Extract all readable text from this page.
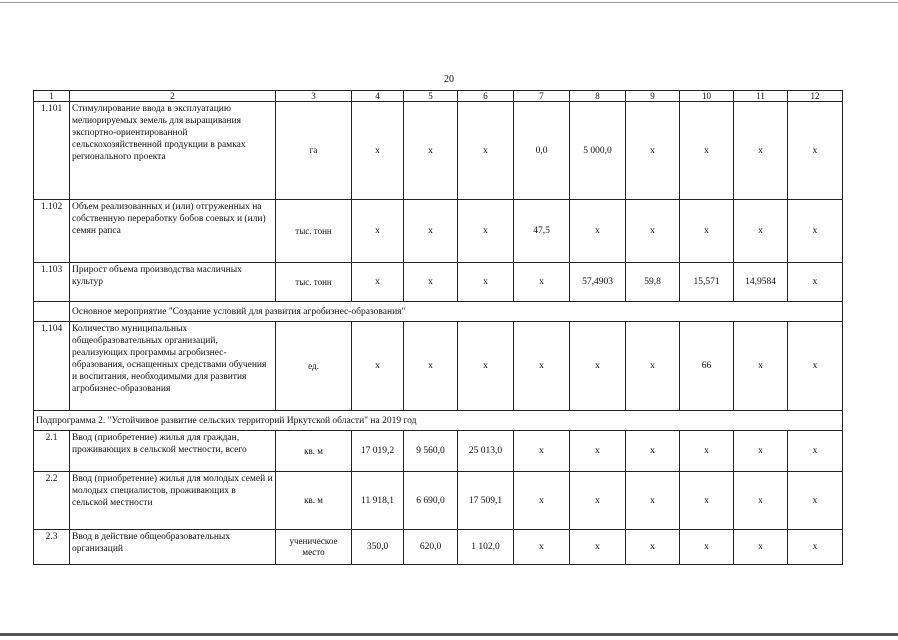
20
1	2	3	4	5	6	7	8	9	10	11	12
1.101	Стимулирование ввода в эксплуатацию мелиорируемых земель для выращивания экспортно-ориентированной сельскохозяйственной продукции в рамках регионального проекта	га	x	x	x	0,0	5 000,0	x	x	x	x
1.102	Объем реализованных и (или) отгруженных на собственную переработку бобов соевых и (или) семян рапса	тыс. тонн	x	x	x	47,5	x	x	x	x	x
1.103	Прирост объема производства масличных культур	тыс. тонн	x	x	x	x	57,4903	59,8	15,571	14,9584	x
	Основное мероприятие "Создание условий для развития агробизнес-образования"										
1.104	Количество муниципальных общеобразовательных организаций, реализующих программы агробизнес-образования, оснащенных средствами обучения и воспитания, необходимыми для развития агробизнес-образования	ед.	x	x	x	x	x	x	66	x	x
Подпрограмма 2. "Устойчивое развитие сельских территорий Иркутской области" на 2019 год											
2.1	Ввод (приобретение) жилья для граждан, проживающих в сельской местности, всего	кв. м	17 019,2	9 560,0	25 013,0	x	x	x	x	x	x
2.2	Ввод (приобретение) жилья для молодых семей и молодых специалистов, проживающих в сельской местности	кв. м	11 918,1	6 690,0	17 509,1	x	x	x	x	x	x
2.3	Ввод в действие общеобразовательных организаций	ученическое место	350,0	620,0	1 102,0	x	x	x	x	x	x
